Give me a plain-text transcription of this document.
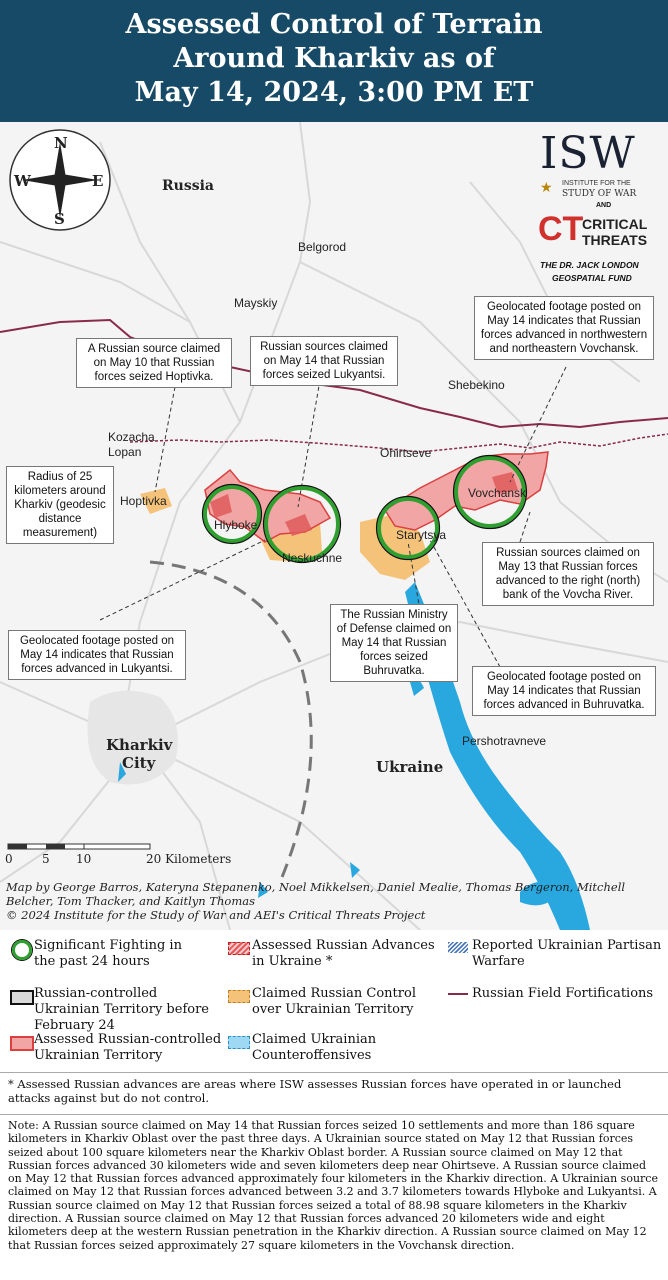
Assessed Control of Terrain
Around Kharkiv as of
May 14, 2024, 3:00 PM ET
N
S
E
W
ISW
INSTITUTE FOR THE
STUDY OF WAR
★
AND
CT
CRITICAL
THREATS
THE DR. JACK LONDON
GEOSPATIAL FUND
Russia
Ukraine
Kharkiv
City
Belgorod
Mayskiy
Shebekino
Kozacha
Lopan
Hoptivka
Hlyboke
Neskuchne
Starytsya
Ohirtseve
Vovchansk
Pershotravneve
A Russian source claimed on May 10 that Russian forces seized Hoptivka.
Russian sources claimed on May 14 that Russian forces seized Lukyantsi.
Geolocated footage posted on May 14 indicates that Russian forces advanced in northwestern and northeastern Vovchansk.
Radius of 25 kilometers around Kharkiv (geodesic distance measurement)
Russian sources claimed on May 13 that Russian forces advanced to the right (north) bank of the Vovcha River.
Geolocated footage posted on May 14 indicates that Russian forces advanced in Lukyantsi.
The Russian Ministry of Defense claimed on May 14 that Russian forces seized Buhruvatka.	Geolocated footage posted on May 14 indicates that Russian forces advanced in Buhruvatka.
0 5 10	20 Kilometers
Map by George Barros, Kateryna Stepanenko, Noel Mikkelsen, Daniel Mealie, Thomas Bergeron, Mitchell Belcher, Tom Thacker, and Kaitlyn Thomas
© 2024 Institute for the Study of War and AEI's Critical Threats Project
Significant Fighting in the past 24 hours
Assessed Russian Advances in Ukraine *
Reported Ukrainian Partisan Warfare
Russian-controlled Ukrainian Territory before February 24
Claimed Russian Control over Ukrainian Territory
Russian Field Fortifications
Assessed Russian-controlled Ukrainian Territory
Claimed Ukrainian Counteroffensives
* Assessed Russian advances are areas where ISW assesses Russian forces have operated in or launched attacks against but do not control.
Note: A Russian source claimed on May 14 that Russian forces seized 10 settlements and more than 186 square kilometers in Kharkiv Oblast over the past three days. A Ukrainian source stated on May 12 that Russian forces seized about 100 square kilometers near the Kharkiv Oblast border. A Russian source claimed on May 12 that Russian forces advanced 30 kilometers wide and seven kilometers deep near Ohirtseve. A Russian source claimed on May 12 that Russian forces advanced approximately four kilometers in the Kharkiv direction. A Ukrainian source claimed on May 12 that Russian forces advanced between 3.2 and 3.7 kilometers towards Hlyboke and Lukyantsi. A Russian source claimed on May 12 that Russian forces seized a total of 88.98 square kilometers in the Kharkiv direction. A Russian source claimed on May 12 that Russian forces advanced 20 kilometers wide and eight kilometers deep at the western Russian penetration in the Kharkiv direction. A Russian source claimed on May 12 that Russian forces seized approximately 27 square kilometers in the Vovchansk direction.
